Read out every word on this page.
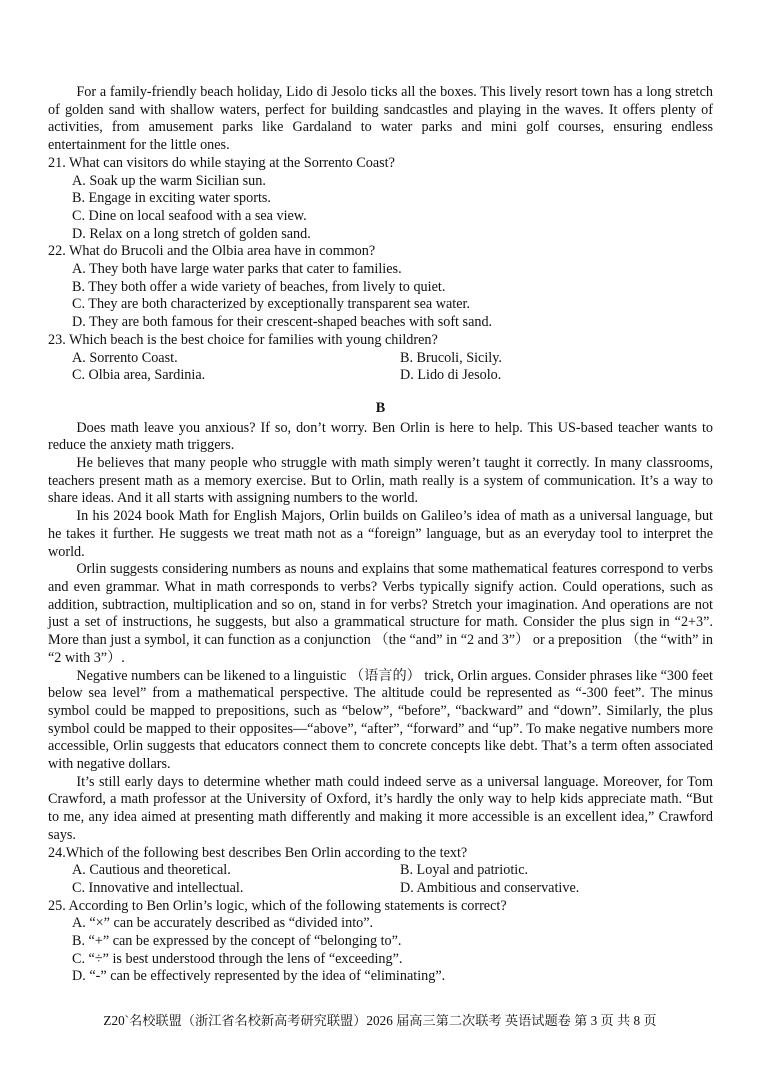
For a family-friendly beach holiday, Lido di Jesolo ticks all the boxes. This lively resort town has a long stretch of golden sand with shallow waters, perfect for building sandcastles and playing in the waves. It offers plenty of activities, from amusement parks like Gardaland to water parks and mini golf courses, ensuring endless entertainment for the little ones.

21. What can visitors do while staying at the Sorrento Coast?

A. Soak up the warm Sicilian sun.

B. Engage in exciting water sports.

C. Dine on local seafood with a sea view.

D. Relax on a long stretch of golden sand.

22. What do Brucoli and the Olbia area have in common?

A. They both have large water parks that cater to families.

B. They both offer a wide variety of beaches, from lively to quiet.

C. They are both characterized by exceptionally transparent sea water.

D. They are both famous for their crescent-shaped beaches with soft sand.

23. Which beach is the best choice for families with young children?

A. Sorrento Coast.	B. Brucoli, Sicily.
C. Olbia area, Sardinia.	D. Lido di Jesolo.
B

Does math leave you anxious? If so, don’t worry. Ben Orlin is here to help. This US-based teacher wants to reduce the anxiety math triggers.

He believes that many people who struggle with math simply weren’t taught it correctly. In many classrooms, teachers present math as a memory exercise. But to Orlin, math really is a system of communication. It’s a way to share ideas. And it all starts with assigning numbers to the world.

In his 2024 book Math for English Majors, Orlin builds on Galileo’s idea of math as a universal language, but he takes it further. He suggests we treat math not as a “foreign” language, but as an everyday tool to interpret the world.

Orlin suggests considering numbers as nouns and explains that some mathematical features correspond to verbs and even grammar. What in math corresponds to verbs? Verbs typically signify action. Could operations, such as addition, subtraction, multiplication and so on, stand in for verbs? Stretch your imagination. And operations are not just a set of instructions, he suggests, but also a grammatical structure for math. Consider the plus sign in “2+3”. More than just a symbol, it can function as a conjunction （the “and” in “2 and 3”） or a preposition （the “with” in “2 with 3”）.

Negative numbers can be likened to a linguistic （语言的） trick, Orlin argues. Consider phrases like “300 feet below sea level” from a mathematical perspective. The altitude could be represented as “-300 feet”. The minus symbol could be mapped to prepositions, such as “below”, “before”, “backward” and “down”. Similarly, the plus symbol could be mapped to their opposites—“above”, “after”, “forward” and “up”. To make negative numbers more accessible, Orlin suggests that educators connect them to concrete concepts like debt. That’s a term often associated with negative dollars.

It’s still early days to determine whether math could indeed serve as a universal language. Moreover, for Tom Crawford, a math professor at the University of Oxford, it’s hardly the only way to help kids appreciate math. “But to me, any idea aimed at presenting math differently and making it more accessible is an excellent idea,” Crawford says.

24.Which of the following best describes Ben Orlin according to the text?

A. Cautious and theoretical.	B. Loyal and patriotic.
C. Innovative and intellectual.	D. Ambitious and conservative.

25. According to Ben Orlin’s logic, which of the following statements is correct?

A. “×” can be accurately described as “divided into”.

B. “+” can be expressed by the concept of “belonging to”.

C. “÷” is best understood through the lens of “exceeding”.

D. “-” can be effectively represented by the idea of “eliminating”.

Z20`名校联盟（浙江省名校新高考研究联盟）2026 届高三第二次联考 英语试题卷 第 3 页 共 8 页
